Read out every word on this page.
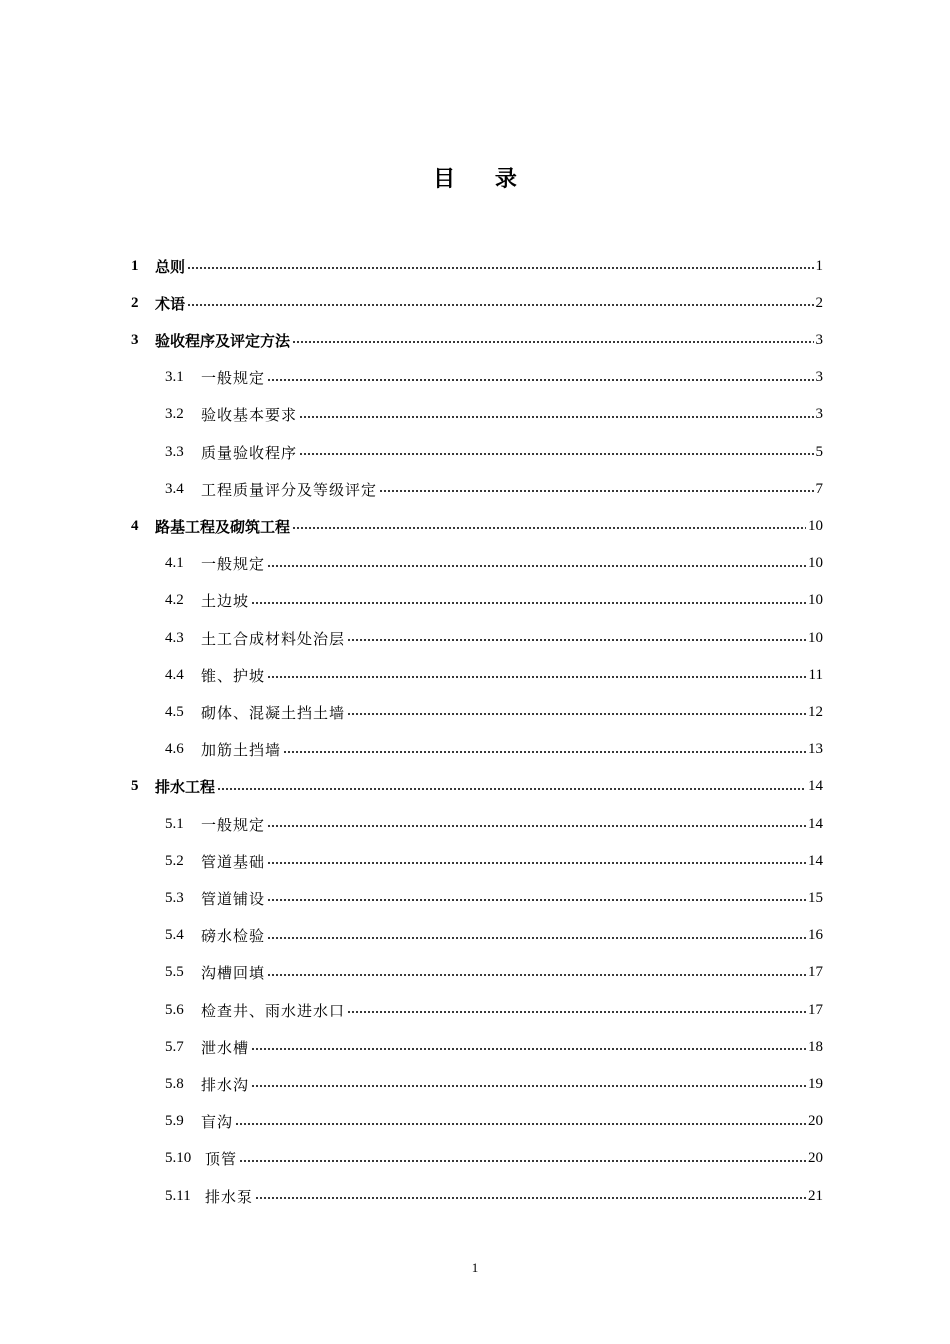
目 录
1	总则	1
2	术语	2
3	验收程序及评定方法	3
3.1	一般规定	3
3.2	验收基本要求	3
3.3	质量验收程序	5
3.4	工程质量评分及等级评定	7
4	路基工程及砌筑工程	10
4.1	一般规定	10
4.2	土边坡	10
4.3	土工合成材料处治层	10
4.4	锥、护坡	11
4.5	砌体、混凝土挡土墙	12
4.6	加筋土挡墙	13
5	排水工程	14
5.1	一般规定	14
5.2	管道基础	14
5.3	管道铺设	15
5.4	磅水检验	16
5.5	沟槽回填	17
5.6	检查井、雨水进水口	17
5.7	泄水槽	18
5.8	排水沟	19
5.9	盲沟	20
5.10 顶管	20
5.11 排水泵	21
1
